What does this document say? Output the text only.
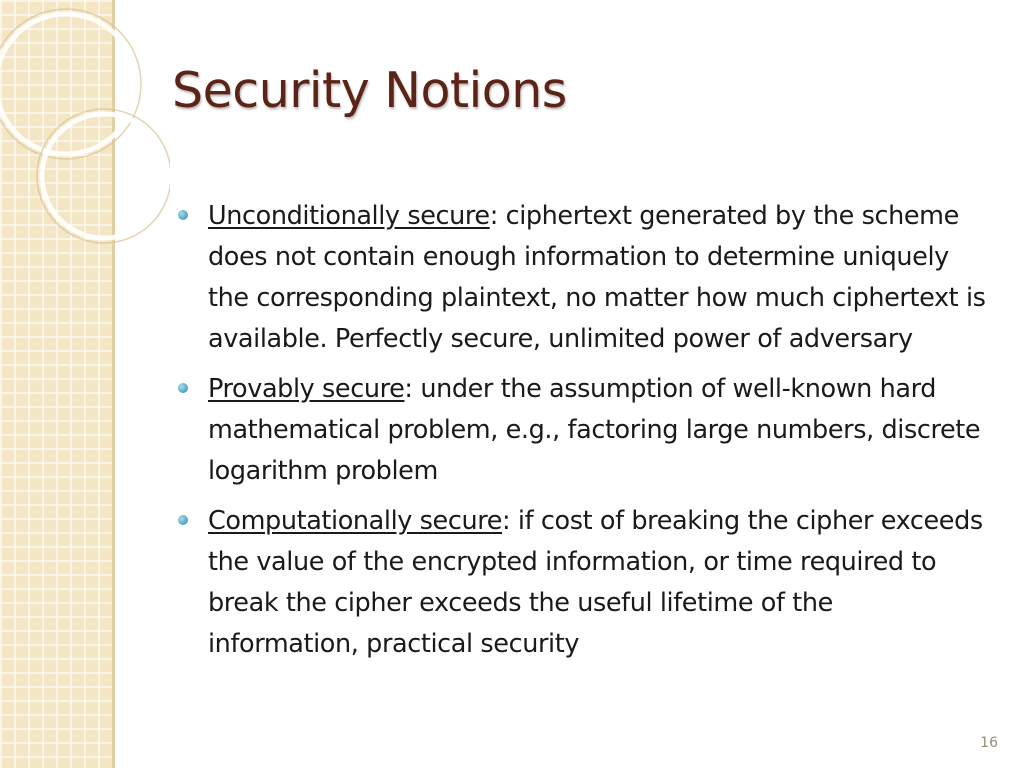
Security Notions
Unconditionally secure: ciphertext generated by the scheme does not contain enough information to determine uniquely the corresponding plaintext, no matter how much ciphertext is available. Perfectly secure, unlimited power of adversary
Provably secure: under the assumption of well-known hard mathematical problem, e.g., factoring large numbers, discrete logarithm problem
Computationally secure: if cost of breaking the cipher exceeds the value of the encrypted information, or time required to break the cipher exceeds the useful lifetime of the information, practical security
16
